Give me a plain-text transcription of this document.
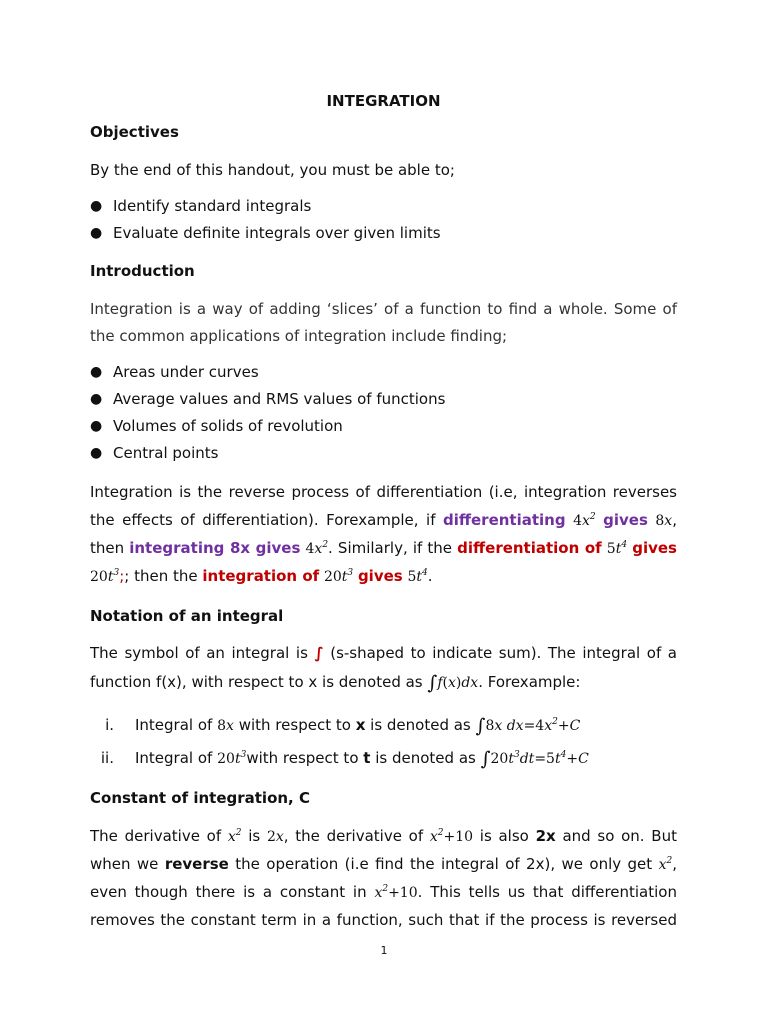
INTEGRATION
Objectives
By the end of this handout, you must be able to;
● Identify standard integrals
● Evaluate definite integrals over given limits
Introduction
Integration is a way of adding ‘slices’ of a function to find a whole. Some of
the common applications of integration include finding;
● Areas under curves
● Average values and RMS values of functions
● Volumes of solids of revolution
● Central points
Integration is the reverse process of differentiation (i.e, integration reverses
the effects of differentiation). Forexample, if differentiating $4x^2$ gives 8x,
then integrating 8x gives $4x^2$. Similarly, if the differentiation of $5t^4$ gives
$20t^3$;; then the integration of $20t^3$ gives $5t^4$.
Notation of an integral
The symbol of an integral is ∫ (s-shaped to indicate sum). The integral of a
function f(x), with respect to x is denoted as ∫f(x)dx. Forexample:
i. Integral of 8x with respect to x is denoted as ∫8x $dx=4x^2+C$
ii. Integral of $20t^3with$ respect to t is denoted as $\int 20t^3dt=5t^4+C$
Constant of integration, C
The derivative of $x^2$ is 2x, the derivative of $x^2+10$ is also 2x and so on. But
when we reverse the operation (i.e find the integral of 2x), we only get $x^2$,
even though there is a constant in $x^2+10$. This tells us that differentiation
removes the constant term in a function, such that if the process is reversed
1
